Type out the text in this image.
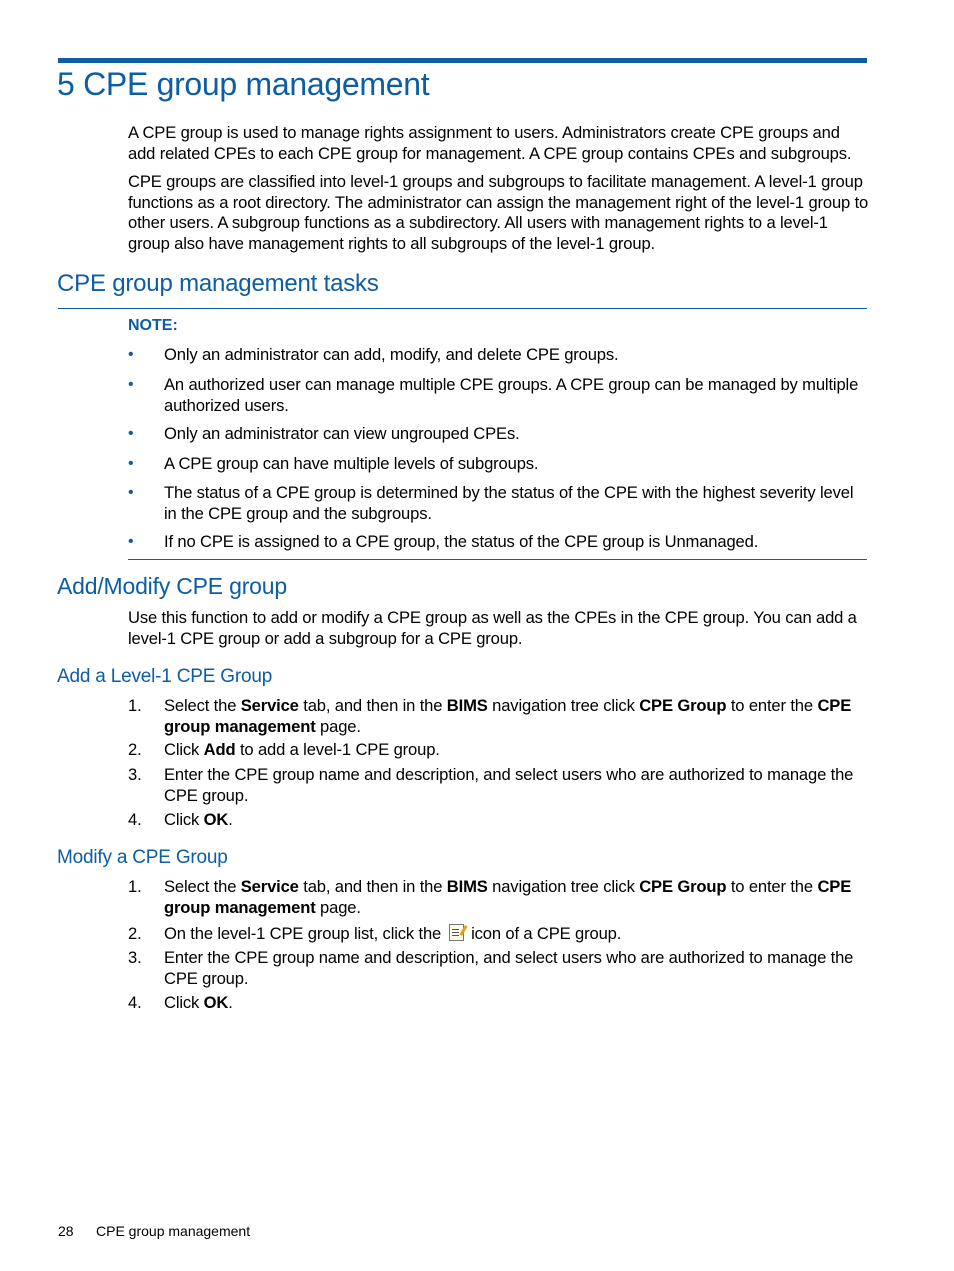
5 CPE group management

A CPE group is used to manage rights assignment to users. Administrators create CPE groups and add related CPEs to each CPE group for management. A CPE group contains CPEs and subgroups.

CPE groups are classified into level-1 groups and subgroups to facilitate management. A level-1 group functions as a root directory. The administrator can assign the management right of the level-1 group to other users. A subgroup functions as a subdirectory. All users with management rights to a level-1 group also have management rights to all subgroups of the level-1 group.

CPE group management tasks

NOTE:

• Only an administrator can add, modify, and delete CPE groups.
• An authorized user can manage multiple CPE groups. A CPE group can be managed by multiple authorized users.
• Only an administrator can view ungrouped CPEs.
• A CPE group can have multiple levels of subgroups.
• The status of a CPE group is determined by the status of the CPE with the highest severity level in the CPE group and the subgroups.
• If no CPE is assigned to a CPE group, the status of the CPE group is Unmanaged.
Add/Modify CPE group

Use this function to add or modify a CPE group as well as the CPEs in the CPE group. You can add a level-1 CPE group or add a subgroup for a CPE group.

Add a Level-1 CPE Group
1. Select the Service tab, and then in the BIMS navigation tree click CPE Group to enter the CPE group management page.
2. Click Add to add a level-1 CPE group.
3. Enter the CPE group name and description, and select users who are authorized to manage the CPE group.
4. Click OK.
Modify a CPE Group
1. Select the Service tab, and then in the BIMS navigation tree click CPE Group to enter the CPE group management page.
2. On the level-1 CPE group list, click the icon of a CPE group.
3. Enter the CPE group name and description, and select users who are authorized to manage the CPE group.
4. Click OK.

28 CPE group management
